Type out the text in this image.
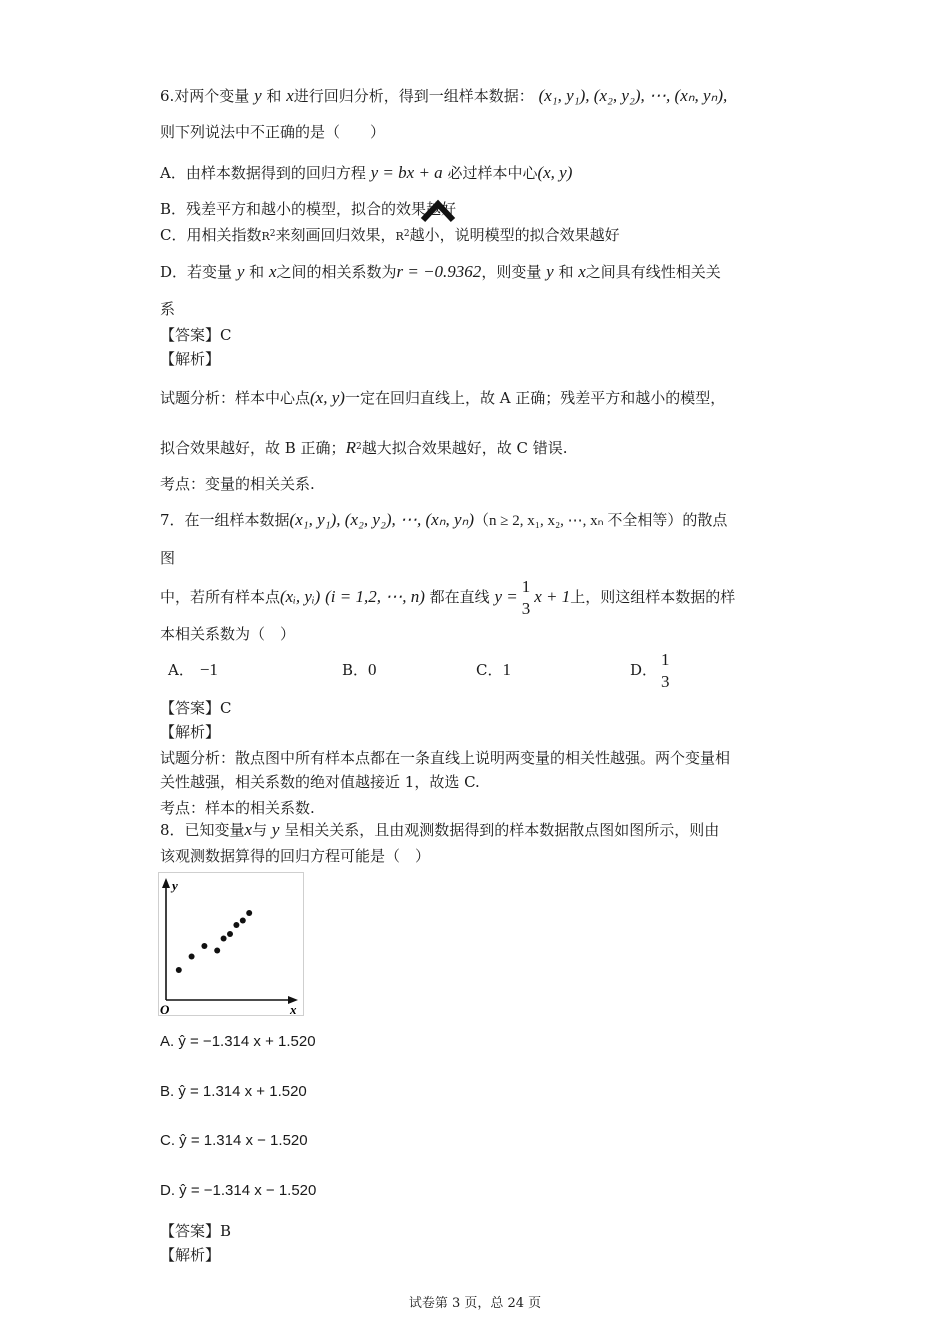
6.对两个变量 y 和 x进行回归分析，得到一组样本数据： (x₁, y₁), (x₂, y₂), ⋯, (xₙ, yₙ),
则下列说法中不正确的是（　　）
A．由样本数据得到的回归方程 y = bx + a 必过样本中心(x, y)
B．残差平方和越小的模型，拟合的效果越好
C．用相关指数$R^2$来刻画回归效果，$R^2$越小，说明模型的拟合效果越好
D．若变量 y 和 x之间的相关系数为r = −0.9362，则变量 y 和 x之间具有线性相关关
系
【答案】C
【解析】
试题分析：样本中心点(x, y)一定在回归直线上，故 A 正确；残差平方和越小的模型，
拟合效果越好，故 B 正确；$R^2$越大拟合效果越好，故 C 错误.
考点：变量的相关关系.
7．在一组样本数据(x₁, y₁), (x₂, y₂), ⋯, (xₙ, yₙ)（n ≥ 2, x₁, x₂, ⋯, xₙ 不全相等）的散点
图
中，若所有样本点(xᵢ, yᵢ) (i = 1,2, ⋯, n) 都在直线 y =
1
3
x + 1上，则这组样本数据的样
本相关系数为（　）
A． −1	B．0	C．1	D．
1
3
【答案】C
【解析】
试题分析：散点图中所有样本点都在一条直线上说明两变量的相关性越强。两个变量相
关性越强，相关系数的绝对值越接近 1，故选 C.
考点：样本的相关系数.
8．已知变量x与 y 呈相关关系，且由观测数据得到的样本数据散点图如图所示，则由
该观测数据算得的回归方程可能是（　）
y
x
O
A. ŷ = −1.314 x + 1.520
B. ŷ = 1.314 x + 1.520
C. ŷ = 1.314 x − 1.520
D. ŷ = −1.314 x − 1.520
【答案】B
【解析】
试卷第 3 页，总 24 页
